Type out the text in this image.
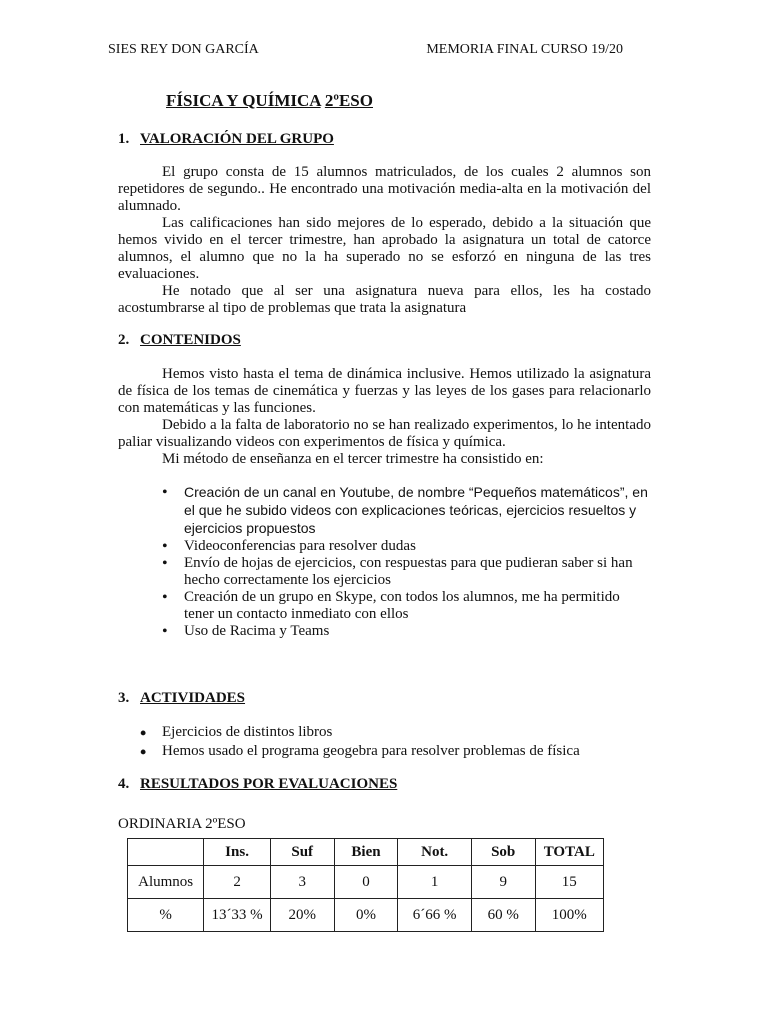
SIES REY DON GARCÍA	MEMORIA FINAL CURSO 19/20
FÍSICA Y QUÍMICA 2ºESO
1. VALORACIÓN DEL GRUPO

El grupo consta de 15 alumnos matriculados, de los cuales 2 alumnos son repetidores de segundo.. He encontrado una motivación media-alta en la motivación del alumnado.

Las calificaciones han sido mejores de lo esperado, debido a la situación que hemos vivido en el tercer trimestre, han aprobado la asignatura un total de catorce alumnos, el alumno que no la ha superado no se esforzó en ninguna de las tres evaluaciones.

He notado que al ser una asignatura nueva para ellos, les ha costado acostumbrarse al tipo de problemas que trata la asignatura

2. CONTENIDOS

Hemos visto hasta el tema de dinámica inclusive. Hemos utilizado la asignatura de física de los temas de cinemática y fuerzas y las leyes de los gases para relacionarlo con matemáticas y las funciones.

Debido a la falta de laboratorio no se han realizado experimentos, lo he intentado paliar visualizando videos con experimentos de física y química.

Mi método de enseñanza en el tercer trimestre ha consistido en:

• Creación de un canal en Youtube, de nombre “Pequeños matemáticos”, en el que he subido videos con explicaciones teóricas, ejercicios resueltos y ejercicios propuestos
• Videoconferencias para resolver dudas
• Envío de hojas de ejercicios, con respuestas para que pudieran saber si han hecho correctamente los ejercicios
• Creación de un grupo en Skype, con todos los alumnos, me ha permitido tener un contacto inmediato con ellos
• Uso de Racima y Teams
3. ACTIVIDADES
• Ejercicios de distintos libros
• Hemos usado el programa geogebra para resolver problemas de física
4. RESULTADOS POR EVALUACIONES
ORDINARIA 2ºESO
	Ins.	Suf	Bien	Not.	Sob	TOTAL
Alumnos	2	3	0	1	9	15
%	13´33 %	20%	0%	6´66 %	60 %	100%
